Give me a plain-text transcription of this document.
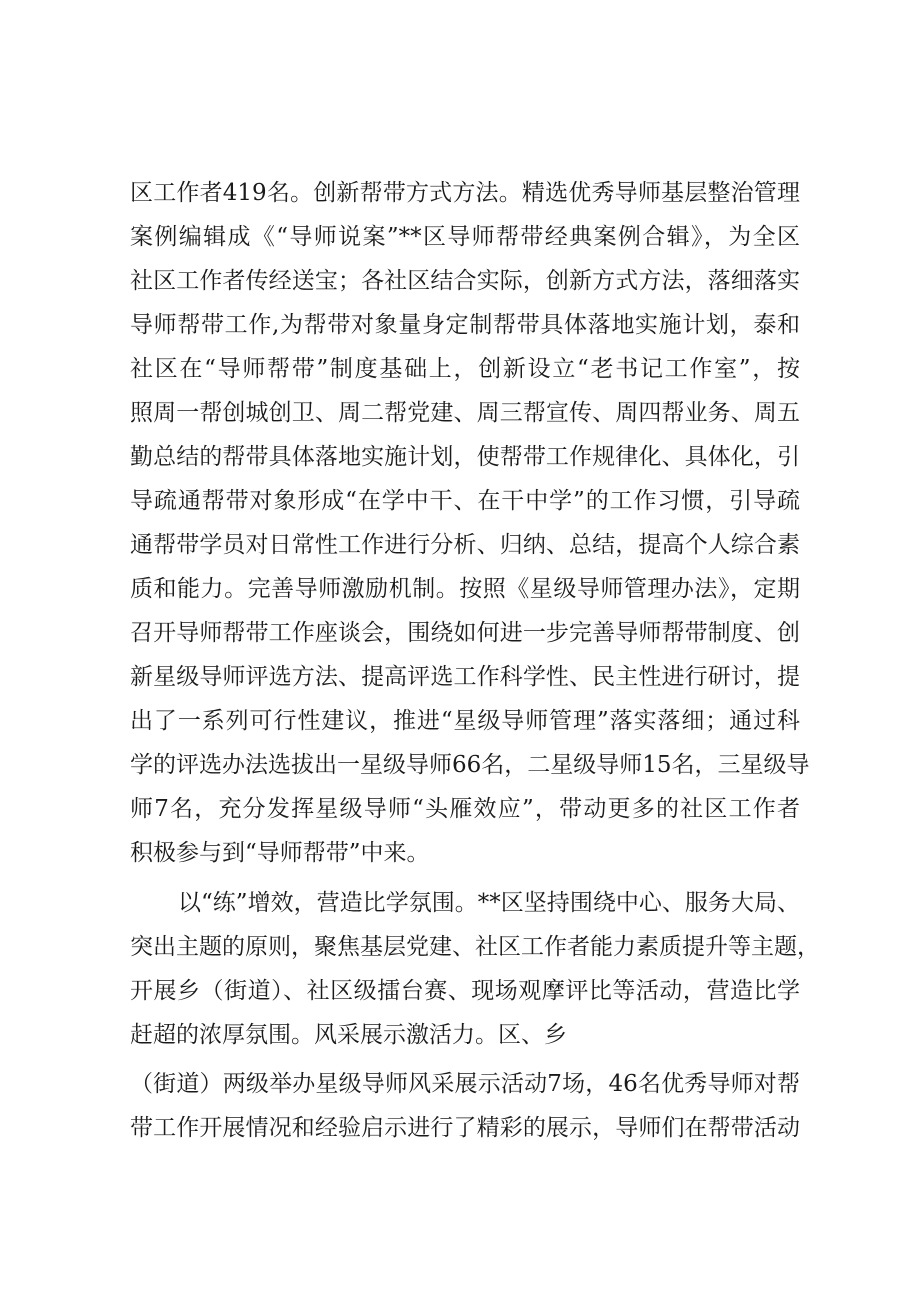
区工作者419名。创新帮带方式方法。精选优秀导师基层整治管理
案例编辑成《“导师说案”**区导师帮带经典案例合辑》，为全区
社区工作者传经送宝；各社区结合实际，创新方式方法，落细落实
导师帮带工作,为帮带对象量身定制帮带具体落地实施计划，泰和
社区在“导师帮带”制度基础上，创新设立“老书记工作室”，按
照周一帮创城创卫、周二帮党建、周三帮宣传、周四帮业务、周五
勤总结的帮带具体落地实施计划，使帮带工作规律化、具体化，引
导疏通帮带对象形成“在学中干、在干中学”的工作习惯，引导疏
通帮带学员对日常性工作进行分析、归纳、总结，提高个人综合素
质和能力。完善导师激励机制。按照《星级导师管理办法》，定期
召开导师帮带工作座谈会，围绕如何进一步完善导师帮带制度、创
新星级导师评选方法、提高评选工作科学性、民主性进行研讨，提
出了一系列可行性建议，推进“星级导师管理”落实落细；通过科
学的评选办法选拔出一星级导师66名，二星级导师15名，三星级导
师7名，充分发挥星级导师“头雁效应”，带动更多的社区工作者
积极参与到“导师帮带”中来。
以“练”增效，营造比学氛围。**区坚持围绕中心、服务大局、
突出主题的原则，聚焦基层党建、社区工作者能力素质提升等主题，
开展乡（街道）、社区级擂台赛、现场观摩评比等活动，营造比学
赶超的浓厚氛围。风采展示激活力。区、乡
（街道）两级举办星级导师风采展示活动7场，46名优秀导师对帮
带工作开展情况和经验启示进行了精彩的展示，导师们在帮带活动
